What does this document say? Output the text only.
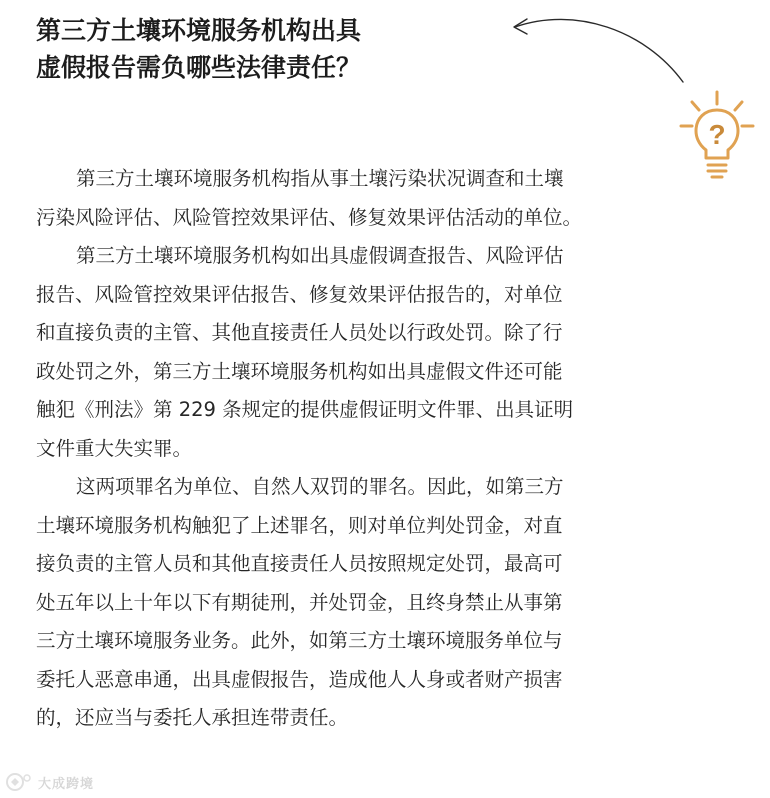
第三方土壤环境服务机构出具
虚假报告需负哪些法律责任？
?

第三方土壤环境服务机构指从事土壤污染状况调查和土壤
污染风险评估、风险管控效果评估、修复效果评估活动的单位。

第三方土壤环境服务机构如出具虚假调查报告、风险评估
报告、风险管控效果评估报告、修复效果评估报告的，对单位
和直接负责的主管、其他直接责任人员处以行政处罚。除了行
政处罚之外，第三方土壤环境服务机构如出具虚假文件还可能
触犯《刑法》第 229 条规定的提供虚假证明文件罪、出具证明
文件重大失实罪。

这两项罪名为单位、自然人双罚的罪名。因此，如第三方
土壤环境服务机构触犯了上述罪名，则对单位判处罚金，对直
接负责的主管人员和其他直接责任人员按照规定处罚，最高可
处五年以上十年以下有期徒刑，并处罚金，且终身禁止从事第
三方土壤环境服务业务。此外，如第三方土壤环境服务单位与
委托人恶意串通，出具虚假报告，造成他人人身或者财产损害
的，还应当与委托人承担连带责任。

大成跨境
